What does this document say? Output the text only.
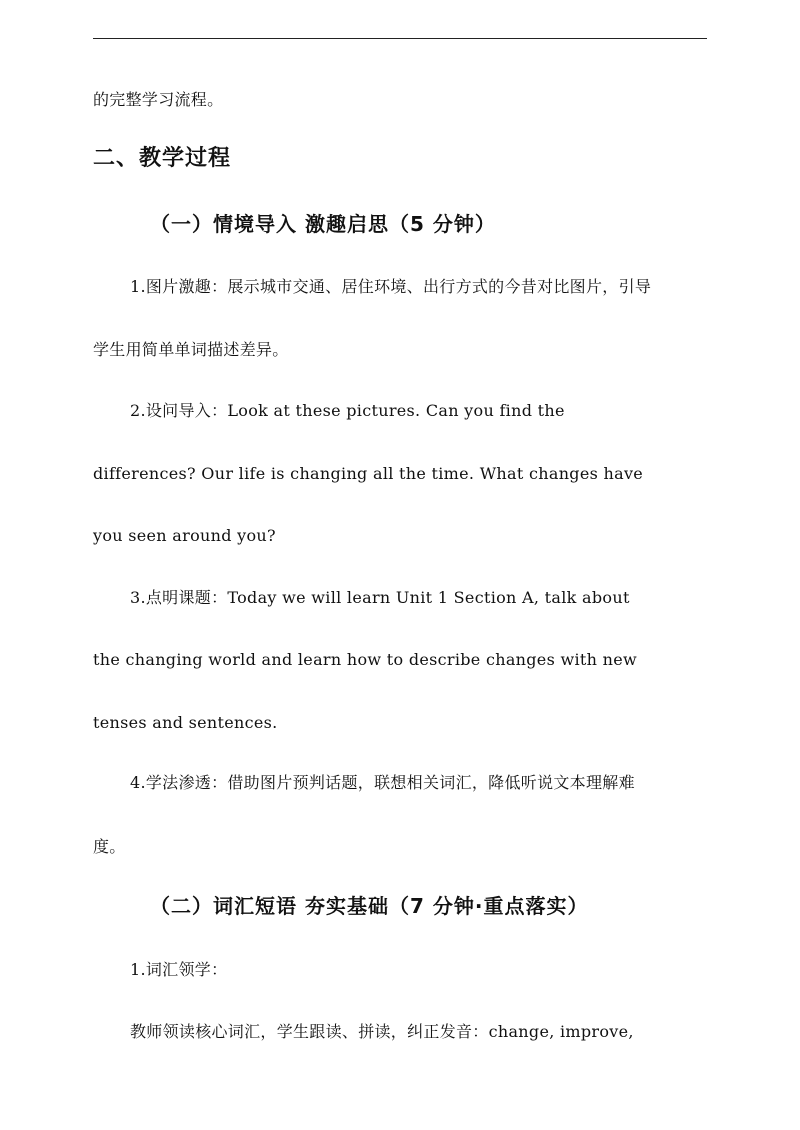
的完整学习流程。
二、教学过程
（一）情境导入 激趣启思（5 分钟）
1.图片激趣：展示城市交通、居住环境、出行方式的今昔对比图片，引导
学生用简单单词描述差异。
2.设问导入：Look at these pictures. Can you find the
differences? Our life is changing all the time. What changes have
you seen around you?
3.点明课题：Today we will learn Unit 1 Section A, talk about
the changing world and learn how to describe changes with new
tenses and sentences.
4.学法渗透：借助图片预判话题，联想相关词汇，降低听说文本理解难
度。
（二）词汇短语 夯实基础（7 分钟·重点落实）
1.词汇领学：
教师领读核心词汇，学生跟读、拼读，纠正发音：change, improve,
